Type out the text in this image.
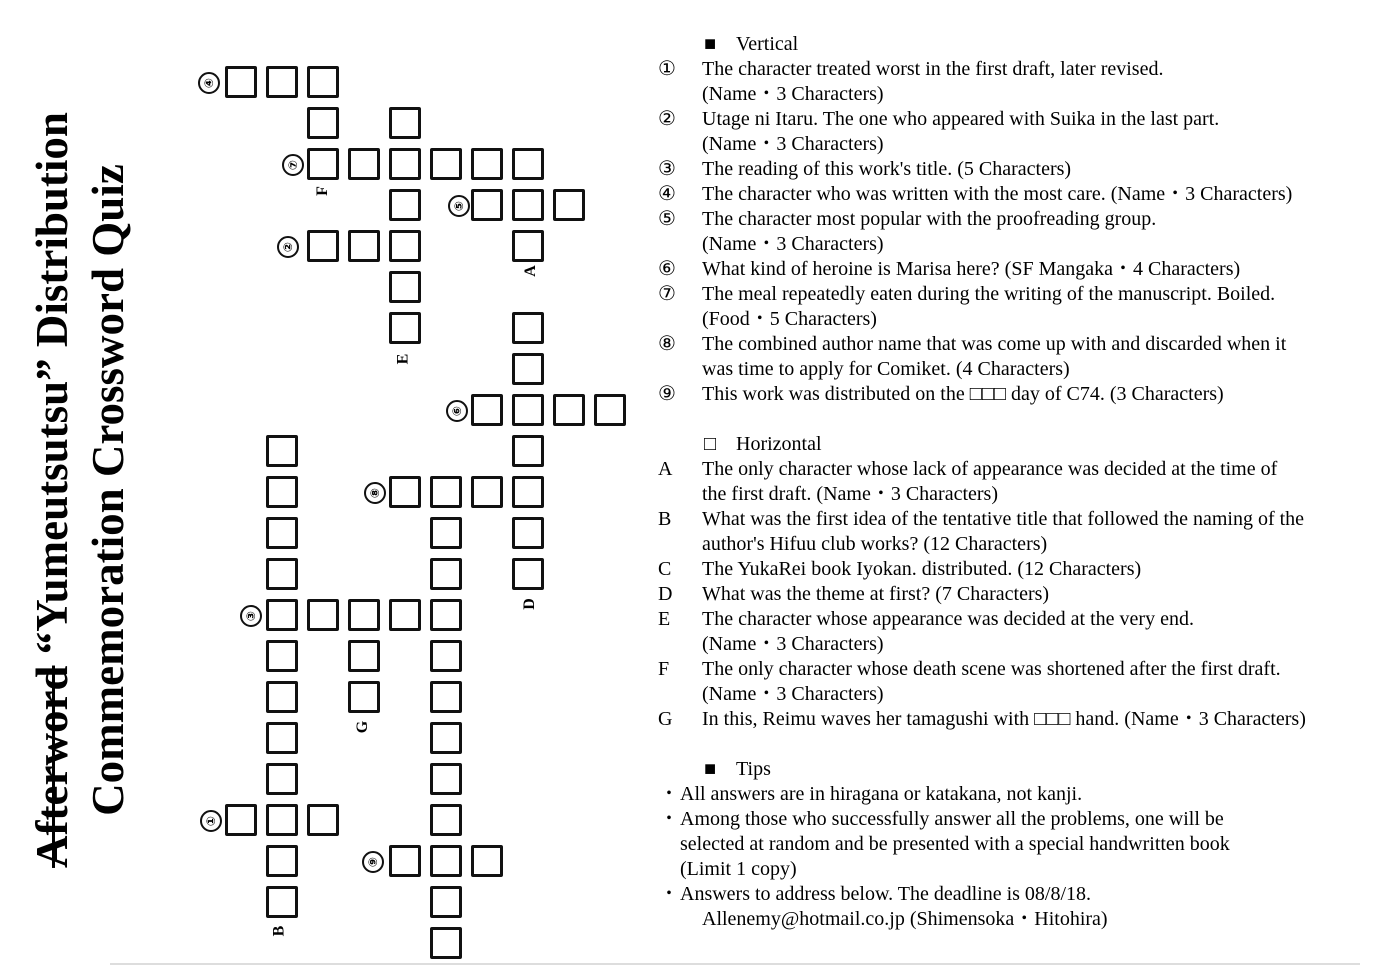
Afterword “Yumeutsutsu” Distribution Commemoration Crossword Quiz
④
⑦
⑤
②
⑥
⑧
③
①
⑨
F
A
E
D
G
B
■ Vertical
①	The character treated worst in the first draft, later revised.
(Name・3 Characters)
②	Utage ni Itaru. The one who appeared with Suika in the last part.
(Name・3 Characters)
③	The reading of this work's title. (5 Characters)
④	The character who was written with the most care. (Name・3 Characters)
⑤	The character most popular with the proofreading group.
(Name・3 Characters)
⑥	What kind of heroine is Marisa here? (SF Mangaka・4 Characters)
⑦	The meal repeatedly eaten during the writing of the manuscript. Boiled.
(Food・5 Characters)
⑧	The combined author name that was come up with and discarded when it
was time to apply for Comiket. (4 Characters)
⑨	This work was distributed on the □□□ day of C74. (3 Characters)
□ Horizontal
A	The only character whose lack of appearance was decided at the time of
the first draft. (Name・3 Characters)
B	What was the first idea of the tentative title that followed the naming of the
author's Hifuu club works? (12 Characters)
C	The YukaRei book Iyokan. distributed. (12 Characters)
D	What was the theme at first? (7 Characters)
E	The character whose appearance was decided at the very end.
(Name・3 Characters)
F	The only character whose death scene was shortened after the first draft.
(Name・3 Characters)
G	In this, Reimu waves her tamagushi with □□□ hand. (Name・3 Characters)
■ Tips
・ All answers are in hiragana or katakana, not kanji.
・ Among those who successfully answer all the problems, one will be
selected at random and be presented with a special handwritten book
(Limit 1 copy)
・ Answers to address below. The deadline is 08/8/18.
Allenemy@hotmail.co.jp (Shimensoka・Hitohira)
